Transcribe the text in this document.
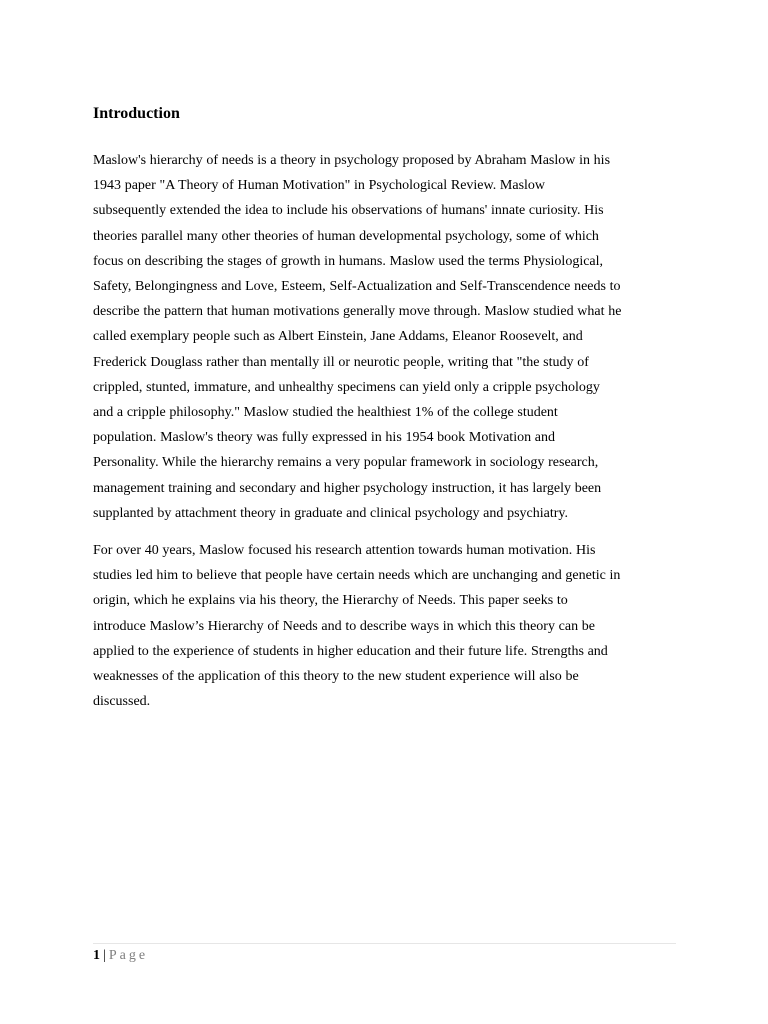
Introduction

Maslow's hierarchy of needs is a theory in psychology proposed by Abraham Maslow in his
1943 paper "A Theory of Human Motivation" in Psychological Review. Maslow
subsequently extended the idea to include his observations of humans' innate curiosity. His
theories parallel many other theories of human developmental psychology, some of which
focus on describing the stages of growth in humans. Maslow used the terms Physiological,
Safety, Belongingness and Love, Esteem, Self-Actualization and Self-Transcendence needs to
describe the pattern that human motivations generally move through. Maslow studied what he
called exemplary people such as Albert Einstein, Jane Addams, Eleanor Roosevelt, and
Frederick Douglass rather than mentally ill or neurotic people, writing that "the study of
crippled, stunted, immature, and unhealthy specimens can yield only a cripple psychology
and a cripple philosophy." Maslow studied the healthiest 1% of the college student
population. Maslow's theory was fully expressed in his 1954 book Motivation and
Personality. While the hierarchy remains a very popular framework in sociology research,
management training and secondary and higher psychology instruction, it has largely been
supplanted by attachment theory in graduate and clinical psychology and psychiatry.

For over 40 years, Maslow focused his research attention towards human motivation. His
studies led him to believe that people have certain needs which are unchanging and genetic in
origin, which he explains via his theory, the Hierarchy of Needs. This paper seeks to
introduce Maslow’s Hierarchy of Needs and to describe ways in which this theory can be
applied to the experience of students in higher education and their future life. Strengths and
weaknesses of the application of this theory to the new student experience will also be
discussed.

1 | Page
